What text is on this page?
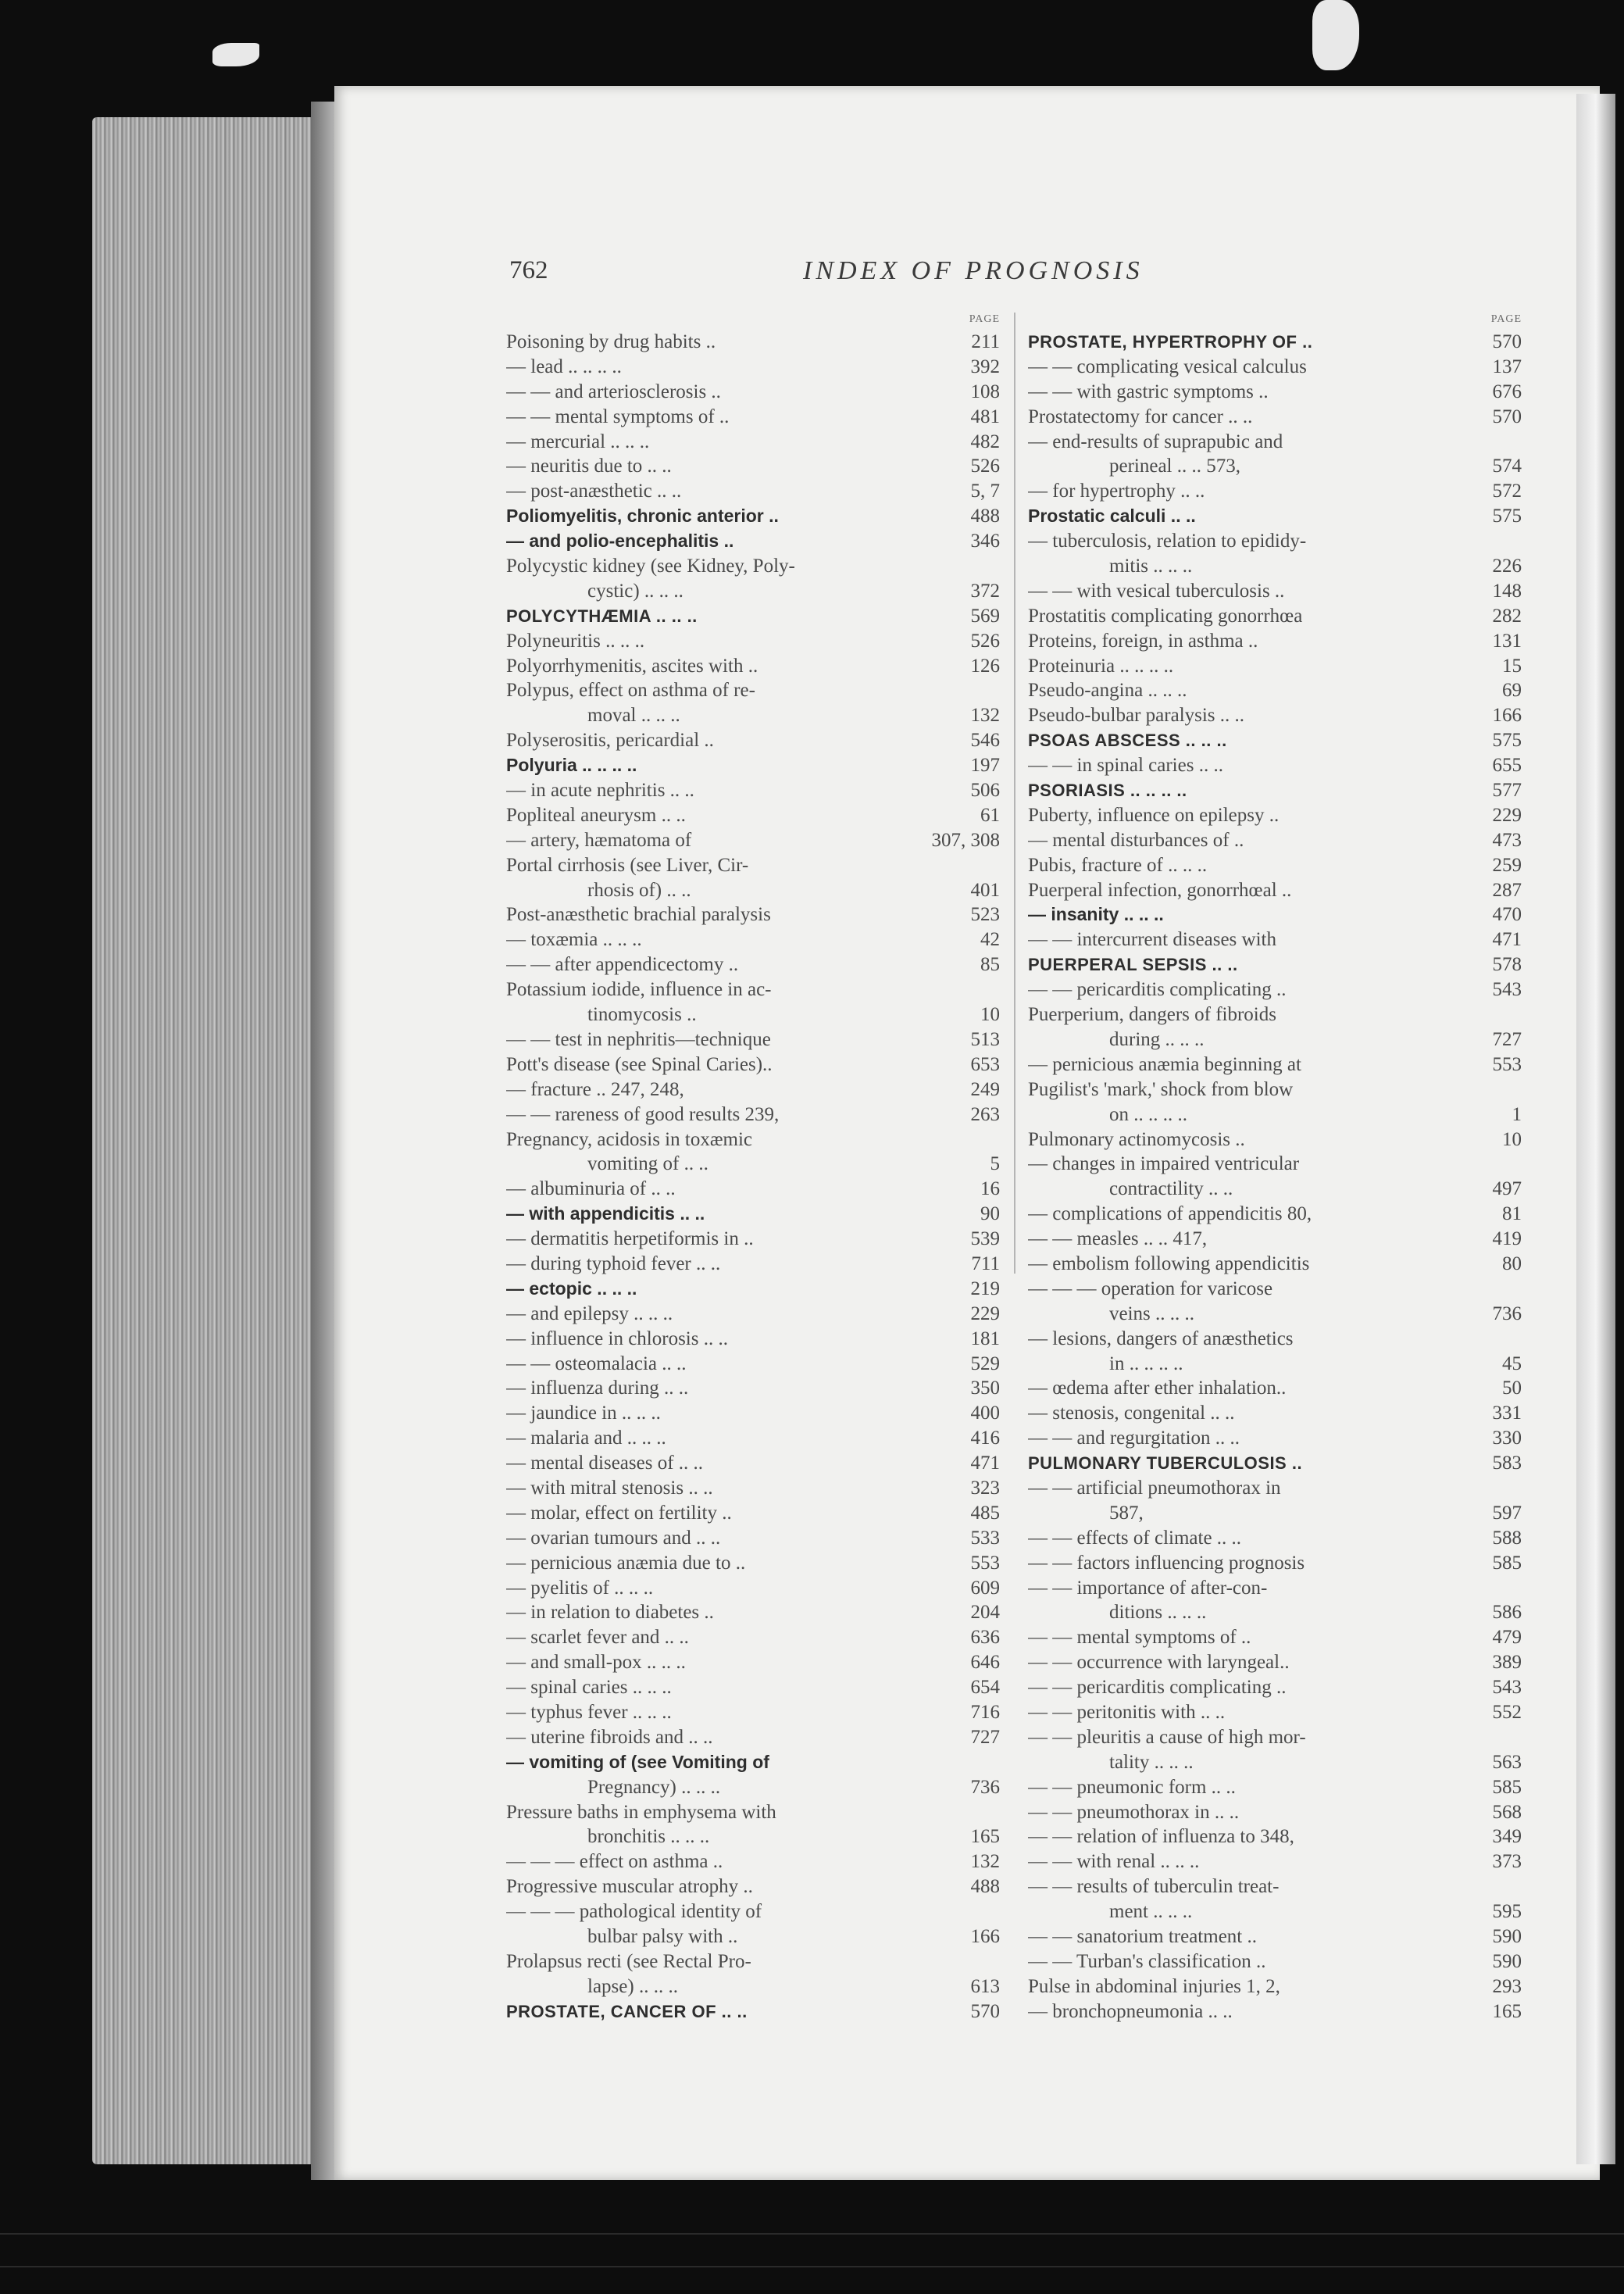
762	INDEX OF PROGNOSIS
PAGE
Poisoning by drug habits ..	211
— lead .. .. .. ..	392
— — and arteriosclerosis ..	108
— — mental symptoms of ..	481
— mercurial .. .. ..	482
— neuritis due to .. ..	526
— post-anæsthetic .. ..	5, 7
Poliomyelitis, chronic anterior ..	488
— and polio-encephalitis ..	346
Polycystic kidney (see Kidney, Poly-
cystic) .. .. ..	372
POLYCYTHÆMIA .. .. ..	569
Polyneuritis .. .. ..	526
Polyorrhymenitis, ascites with ..	126
Polypus, effect on asthma of re-
moval .. .. ..	132
Polyserositis, pericardial ..	546
Polyuria .. .. .. ..	197
— in acute nephritis .. ..	506
Popliteal aneurysm .. ..	61
— artery, hæmatoma of	307, 308
Portal cirrhosis (see Liver, Cir-
rhosis of) .. ..	401
Post-anæsthetic brachial paralysis	523
— toxæmia .. .. ..	42
— — after appendicectomy ..	85
Potassium iodide, influence in ac-
tinomycosis ..	10
— — test in nephritis—technique	513
Pott's disease (see Spinal Caries)..	653
— fracture .. 247, 248,	249
— — rareness of good results 239,	263
Pregnancy, acidosis in toxæmic
vomiting of .. ..	5
— albuminuria of .. ..	16
— with appendicitis .. ..	90
— dermatitis herpetiformis in ..	539
— during typhoid fever .. ..	711
— ectopic .. .. ..	219
— and epilepsy .. .. ..	229
— influence in chlorosis .. ..	181
— — osteomalacia .. ..	529
— influenza during .. ..	350
— jaundice in .. .. ..	400
— malaria and .. .. ..	416
— mental diseases of .. ..	471
— with mitral stenosis .. ..	323
— molar, effect on fertility ..	485
— ovarian tumours and .. ..	533
— pernicious anæmia due to ..	553
— pyelitis of .. .. ..	609
— in relation to diabetes ..	204
— scarlet fever and .. ..	636
— and small-pox .. .. ..	646
— spinal caries .. .. ..	654
— typhus fever .. .. ..	716
— uterine fibroids and .. ..	727
— vomiting of (see Vomiting of
Pregnancy) .. .. ..	736
Pressure baths in emphysema with
bronchitis .. .. ..	165
— — — effect on asthma ..	132
Progressive muscular atrophy ..	488
— — — pathological identity of
bulbar palsy with ..	166
Prolapsus recti (see Rectal Pro-
lapse) .. .. ..	613
PROSTATE, CANCER OF .. ..	570
PAGE
PROSTATE, HYPERTROPHY OF ..	570
— — complicating vesical calculus	137
— — with gastric symptoms ..	676
Prostatectomy for cancer .. ..	570
— end-results of suprapubic and
perineal .. .. 573,	574
— for hypertrophy .. ..	572
Prostatic calculi .. ..	575
— tuberculosis, relation to epididy-
mitis .. .. ..	226
— — with vesical tuberculosis ..	148
Prostatitis complicating gonorrhœa	282
Proteins, foreign, in asthma ..	131
Proteinuria .. .. .. ..	15
Pseudo-angina .. .. ..	69
Pseudo-bulbar paralysis .. ..	166
PSOAS ABSCESS .. .. ..	575
— — in spinal caries .. ..	655
PSORIASIS .. .. .. ..	577
Puberty, influence on epilepsy ..	229
— mental disturbances of ..	473
Pubis, fracture of .. .. ..	259
Puerperal infection, gonorrhœal ..	287
— insanity .. .. ..	470
— — intercurrent diseases with	471
PUERPERAL SEPSIS .. ..	578
— — pericarditis complicating ..	543
Puerperium, dangers of fibroids
during .. .. ..	727
— pernicious anæmia beginning at	553
Pugilist's 'mark,' shock from blow
on .. .. .. ..	1
Pulmonary actinomycosis ..	10
— changes in impaired ventricular
contractility .. ..	497
— complications of appendicitis 80,	81
— — measles .. .. 417,	419
— embolism following appendicitis	80
— — — operation for varicose
veins .. .. ..	736
— lesions, dangers of anæsthetics
in .. .. .. ..	45
— œdema after ether inhalation..	50
— stenosis, congenital .. ..	331
— — and regurgitation .. ..	330
PULMONARY TUBERCULOSIS ..	583
— — artificial pneumothorax in
587,	597
— — effects of climate .. ..	588
— — factors influencing prognosis	585
— — importance of after-con-
ditions .. .. ..	586
— — mental symptoms of ..	479
— — occurrence with laryngeal..	389
— — pericarditis complicating ..	543
— — peritonitis with .. ..	552
— — pleuritis a cause of high mor-
tality .. .. ..	563
— — pneumonic form .. ..	585
— — pneumothorax in .. ..	568
— — relation of influenza to 348,	349
— — with renal .. .. ..	373
— — results of tuberculin treat-
ment .. .. ..	595
— — sanatorium treatment ..	590
— — Turban's classification ..	590
Pulse in abdominal injuries 1, 2,	293
— bronchopneumonia .. ..	165
